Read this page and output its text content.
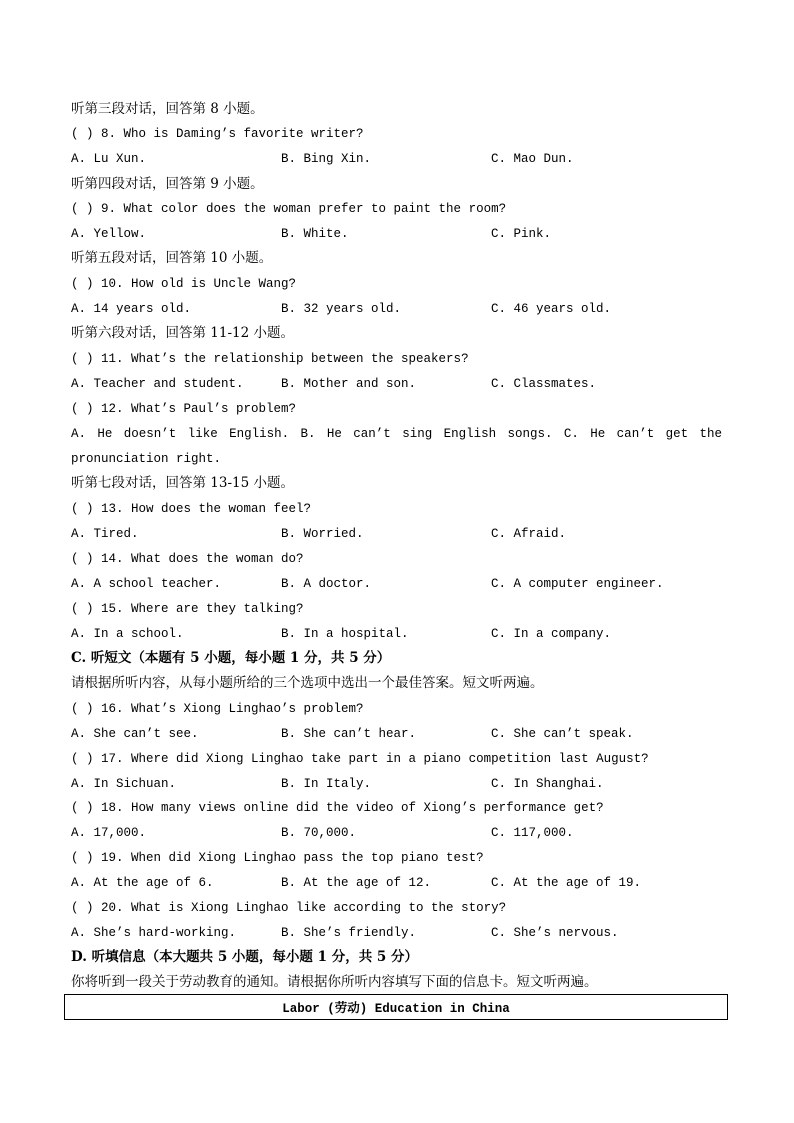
听第三段对话，回答第 8 小题。
( ) 8. Who is Daming’s favorite writer?
A. Lu Xun.	B. Bing Xin.	C. Mao Dun.
听第四段对话，回答第 9 小题。
( ) 9. What color does the woman prefer to paint the room?
A. Yellow.	B. White.	C. Pink.
听第五段对话，回答第 10 小题。
( ) 10. How old is Uncle Wang?
A. 14 years old.	B. 32 years old.	C. 46 years old.
听第六段对话，回答第 11-12 小题。
( ) 11. What’s the relationship between the speakers?
A. Teacher and student.	B. Mother and son.	C. Classmates.
( ) 12. What’s Paul’s problem?
A. He doesn’t like English. B. He can’t sing English songs. C. He can’t get the
pronunciation right.
听第七段对话，回答第 13-15 小题。
( ) 13. How does the woman feel?
A. Tired.	B. Worried.	C. Afraid.
( ) 14. What does the woman do?
A. A school teacher.	B. A doctor.	C. A computer engineer.
( ) 15. Where are they talking?
A. In a school.	B. In a hospital.	C. In a company.
C. 听短文（本题有 5 小题，每小题 1 分，共 5 分）
请根据所听内容，从每小题所给的三个选项中选出一个最佳答案。短文听两遍。
( ) 16. What’s Xiong Linghao’s problem?
A. She can’t see.	B. She can’t hear.	C. She can’t speak.
( ) 17. Where did Xiong Linghao take part in a piano competition last August?
A. In Sichuan.	B. In Italy.	C. In Shanghai.
( ) 18. How many views online did the video of Xiong’s performance get?
A. 17,000.	B. 70,000.	C. 117,000.
( ) 19. When did Xiong Linghao pass the top piano test?
A. At the age of 6.	B. At the age of 12.	C. At the age of 19.
( ) 20. What is Xiong Linghao like according to the story?
A. She’s hard-working.	B. She’s friendly.	C. She’s nervous.
D. 听填信息（本大题共 5 小题，每小题 1 分，共 5 分）
你将听到一段关于劳动教育的通知。请根据你所听内容填写下面的信息卡。短文听两遍。
Labor (劳动) Education in China
